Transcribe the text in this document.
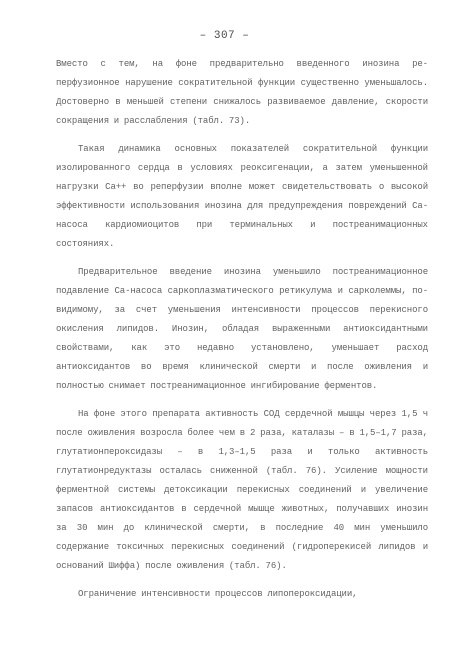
– 307 –

Вместо с тем, на фоне предварительно введенного инозина ре-перфузионное нарушение сократительной функции существенно уменьшалось. Достоверно в меньшей степени снижалось развиваемое давление, скорости сокращения и расслабления (табл. 73).

Такая динамика основных показателей сократительной функции изолированного сердца в условиях реоксигенации, а затем уменьшенной нагрузки Ca++ во реперфузии вполне может свидетельствовать о высокой эффективности использования инозина для предупреждения повреждений Са-насоса кардиомиоцитов при терминальных и постреанимационных состояниях.

Предварительное введение инозина уменьшило постреанимационное подавление Са-насоса саркоплазматического ретикулума и сарколеммы, по-видимому, за счет уменьшения интенсивности процессов перекисного окисления липидов. Инозин, обладая выраженными антиоксидантными свойствами, как это недавно установлено, уменьшает расход антиоксидантов во время клинической смерти и после оживления и полностью снимает постреанимационное ингибирование ферментов.

На фоне этого препарата активность СОД сердечной мышцы через 1,5 ч после оживления возросла более чем в 2 раза, каталазы – в 1,5–1,7 раза, глутатионпероксидазы – в 1,3–1,5 раза и только активность глутатионредуктазы осталась сниженной (табл. 76). Усиление мощности ферментной системы детоксикации перекисных соединений и увеличение запасов антиоксидантов в сердечной мышце животных, получавших инозин за 30 мин до клинической смерти, в последние 40 мин уменьшило содержание токсичных перекисных соединений (гидроперекисей липидов и оснований Шиффа) после оживления (табл. 76).

Ограничение интенсивности процессов липопероксидации,
